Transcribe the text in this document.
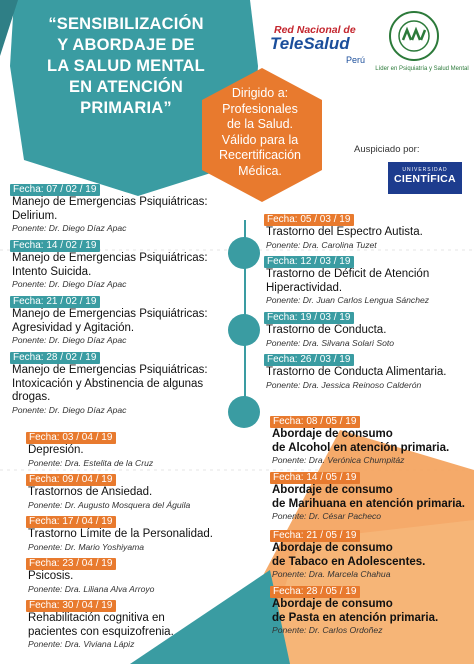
“SENSIBILIZACIÓN
Y ABORDAJE DE
LA SALUD MENTAL
EN ATENCIÓN
PRIMARIA”
Dirigido a:
Profesionales
de la Salud.
Válido para la
Recertificación
Médica.
Red Nacional de
TeleSalud
Perú
Líder en Psiquiatría y Salud Mental
Auspiciado por:
UNIVERSIDAD
CIENTÍFICA
Fecha: 07 / 02 / 19
Manejo de Emergencias Psiquiátricas:
Delirium.
Ponente: Dr. Diego Díaz Apac
Fecha: 14 / 02 / 19
Manejo de Emergencias Psiquiátricas:
Intento Suicida.
Ponente: Dr. Diego Díaz Apac
Fecha: 21 / 02 / 19
Manejo de Emergencias Psiquiátricas:
Agresividad y Agitación.
Ponente: Dr. Diego Díaz Apac
Fecha: 28 / 02 / 19
Manejo de Emergencias Psiquiátricas:
Intoxicación y Abstinencia de algunas
drogas.
Ponente: Dr. Diego Díaz Apac
Fecha: 05 / 03 / 19
Trastorno del Espectro Autista.
Ponente: Dra. Carolina Tuzet
Fecha: 12 / 03 / 19
Trastorno de Déficit de Atención
Hiperactividad.
Ponente: Dr. Juan Carlos Lengua Sánchez
Fecha: 19 / 03 / 19
Trastorno de Conducta.
Ponente: Dra. Silvana Solari Soto
Fecha: 26 / 03 / 19
Trastorno de Conducta Alimentaria.
Ponente: Dra. Jessica Reinoso Calderón
Fecha: 03 / 04 / 19
Depresión.
Ponente: Dra. Estelita de la Cruz
Fecha: 09 / 04 / 19
Trastornos de Ansiedad.
Ponente: Dr. Augusto Mosquera del Águila
Fecha: 17 / 04 / 19
Trastorno Límite de la Personalidad.
Ponente: Dr. Mario Yoshiyama
Fecha: 23 / 04 / 19
Psicosis.
Ponente: Dra. Liliana Alva Arroyo
Fecha: 30 / 04 / 19
Rehabilitación cognitiva en
pacientes con esquizofrenia.
Ponente: Dra. Viviana Lápiz
Fecha: 08 / 05 / 19
Abordaje de consumo
de Alcohol en atención primaria.
Ponente: Dra. Verónica Chumpitáz
Fecha: 14 / 05 / 19
Abordaje de consumo
de Marihuana en atención primaria.
Ponente: Dr. César Pacheco
Fecha: 21 / 05 / 19
Abordaje de consumo
de Tabaco en Adolescentes.
Ponente: Dra. Marcela Chahua
Fecha: 28 / 05 / 19
Abordaje de consumo
de Pasta en atención primaria.
Ponente: Dr. Carlos Ordoñez
